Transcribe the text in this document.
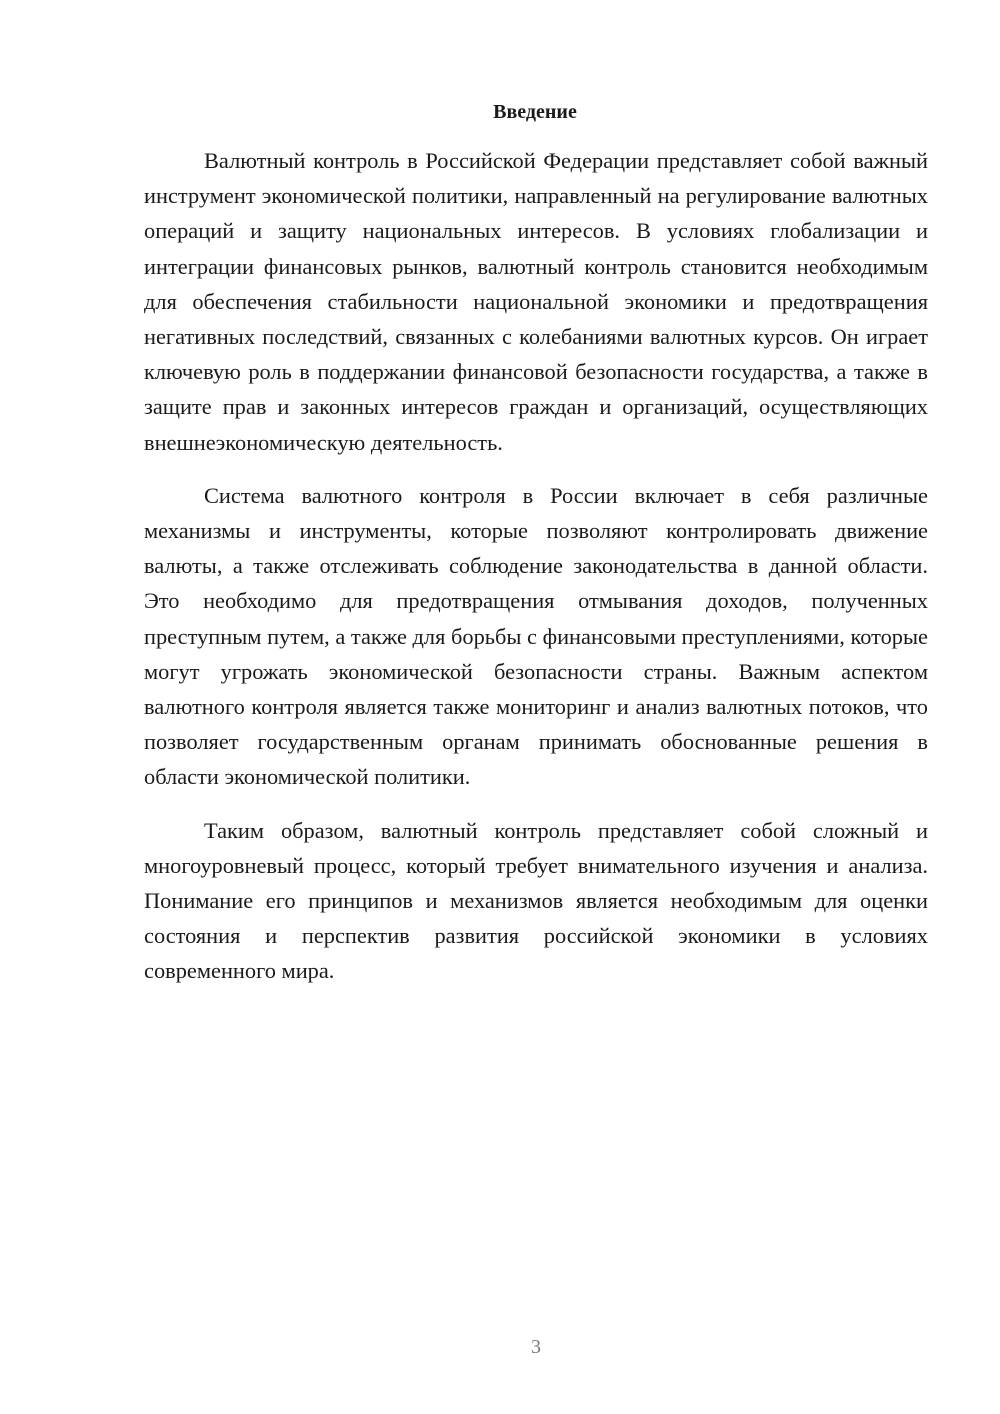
Введение

Валютный контроль в Российской Федерации представляет собой важный инструмент экономической политики, направленный на регулирование валютных операций и защиту национальных интересов. В условиях глобализации и интеграции финансовых рынков, валютный контроль становится необходимым для обеспечения стабильности национальной экономики и предотвращения негативных последствий, связанных с колебаниями валютных курсов. Он играет ключевую роль в поддержании финансовой безопасности государства, а также в защите прав и законных интересов граждан и организаций, осуществляющих внешнеэкономическую деятельность.

Система валютного контроля в России включает в себя различные механизмы и инструменты, которые позволяют контролировать движение валюты, а также отслеживать соблюдение законодательства в данной области. Это необходимо для предотвращения отмывания доходов, полученных преступным путем, а также для борьбы с финансовыми преступлениями, которые могут угрожать экономической безопасности страны. Важным аспектом валютного контроля является также мониторинг и анализ валютных потоков, что позволяет государственным органам принимать обоснованные решения в области экономической политики.

Таким образом, валютный контроль представляет собой сложный и многоуровневый процесс, который требует внимательного изучения и анализа. Понимание его принципов и механизмов является необходимым для оценки состояния и перспектив развития российской экономики в условиях современного мира.

3
